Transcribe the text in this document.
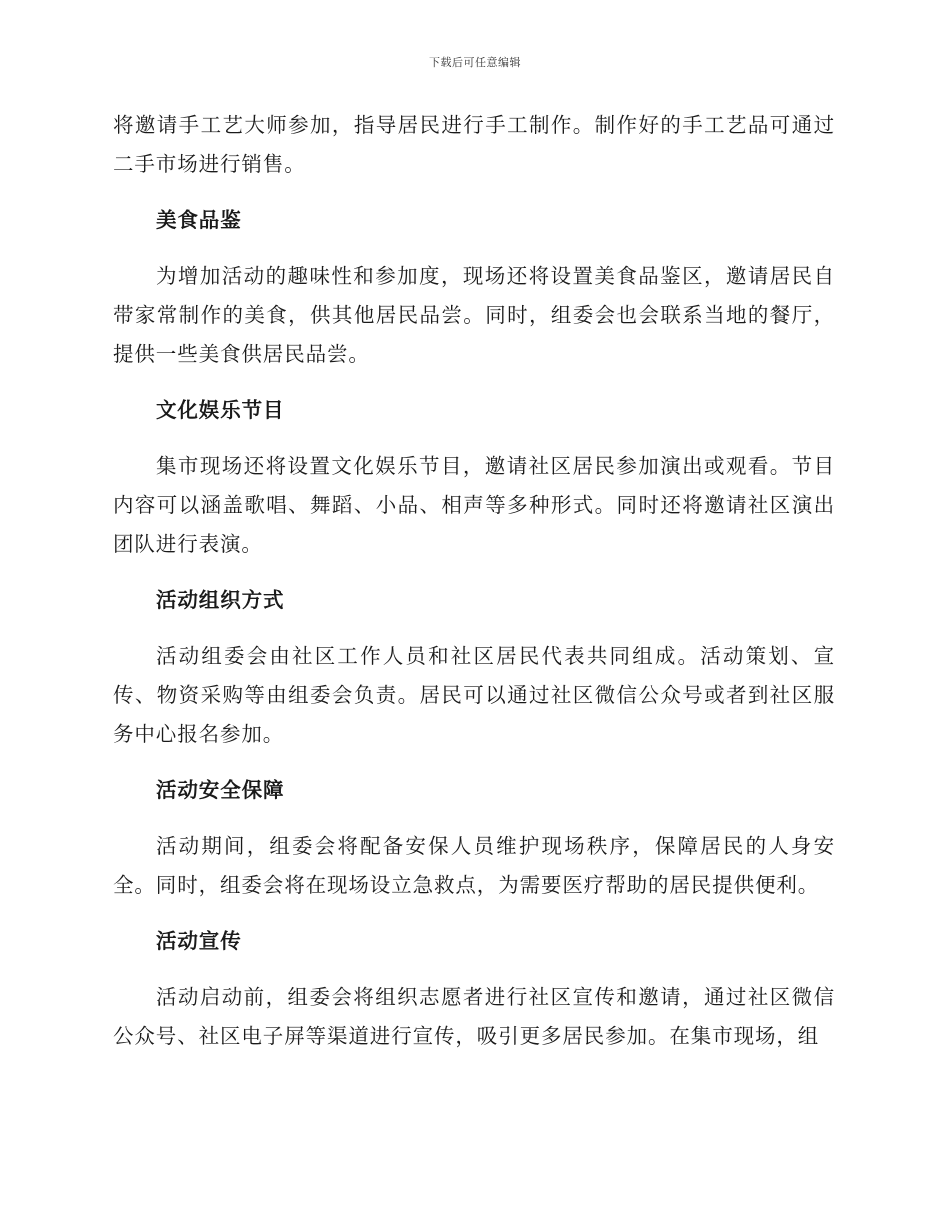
下载后可任意编辑

将邀请手工艺大师参加，指导居民进行手工制作。制作好的手工艺品可通过二手市场进行销售。

美食品鉴

为增加活动的趣味性和参加度，现场还将设置美食品鉴区，邀请居民自带家常制作的美食，供其他居民品尝。同时，组委会也会联系当地的餐厅，提供一些美食供居民品尝。

文化娱乐节目

集市现场还将设置文化娱乐节目，邀请社区居民参加演出或观看。节目内容可以涵盖歌唱、舞蹈、小品、相声等多种形式。同时还将邀请社区演出团队进行表演。

活动组织方式

活动组委会由社区工作人员和社区居民代表共同组成。活动策划、宣传、物资采购等由组委会负责。居民可以通过社区微信公众号或者到社区服务中心报名参加。

活动安全保障

活动期间，组委会将配备安保人员维护现场秩序，保障居民的人身安全。同时，组委会将在现场设立急救点，为需要医疗帮助的居民提供便利。

活动宣传

活动启动前，组委会将组织志愿者进行社区宣传和邀请，通过社区微信公众号、社区电子屏等渠道进行宣传，吸引更多居民参加。在集市现场，组
